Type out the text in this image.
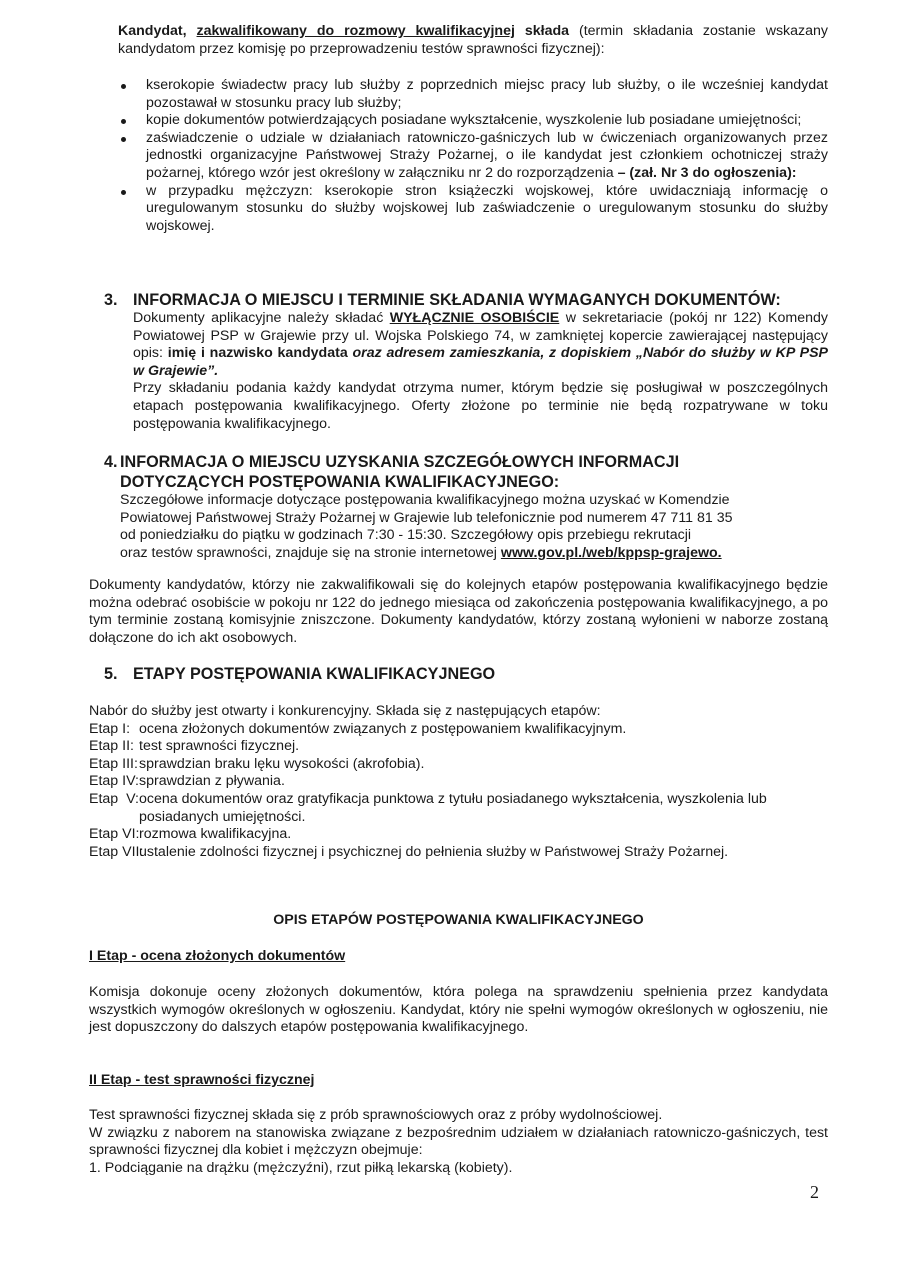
Kandydat, zakwalifikowany do rozmowy kwalifikacyjnej składa (termin składania zostanie wskazany kandydatom przez komisję po przeprowadzeniu testów sprawności fizycznej):
kserokopie świadectw pracy lub służby z poprzednich miejsc pracy lub służby, o ile wcześniej kandydat pozostawał w stosunku pracy lub służby;
kopie dokumentów potwierdzających posiadane wykształcenie, wyszkolenie lub posiadane umiejętności;
zaświadczenie o udziale w działaniach ratowniczo-gaśniczych lub w ćwiczeniach organizowanych przez jednostki organizacyjne Państwowej Straży Pożarnej, o ile kandydat jest członkiem ochotniczej straży pożarnej, którego wzór jest określony w załączniku nr 2 do rozporządzenia – (zał. Nr 3 do ogłoszenia):
w przypadku mężczyzn: kserokopie stron książeczki wojskowej, które uwidaczniają informację o uregulowanym stosunku do służby wojskowej lub zaświadczenie o uregulowanym stosunku do służby wojskowej.
3. INFORMACJA O MIEJSCU I TERMINIE SKŁADANIA WYMAGANYCH DOKUMENTÓW:

Dokumenty aplikacyjne należy składać WYŁĄCZNIE OSOBIŚCIE w sekretariacie (pokój nr 122) Komendy Powiatowej PSP w Grajewie przy ul. Wojska Polskiego 74, w zamkniętej kopercie zawierającej następujący opis: imię i nazwisko kandydata oraz adresem zamieszkania, z dopiskiem „Nabór do służby w KP PSP w Grajewie”.

Przy składaniu podania każdy kandydat otrzyma numer, którym będzie się posługiwał w poszczególnych etapach postępowania kwalifikacyjnego. Oferty złożone po terminie nie będą rozpatrywane w toku postępowania kwalifikacyjnego.

4. INFORMACJA O MIEJSCU UZYSKANIA SZCZEGÓŁOWYCH INFORMACJI
DOTYCZĄCYCH POSTĘPOWANIA KWALIFIKACYJNEGO:
Szczegółowe informacje dotyczące postępowania kwalifikacyjnego można uzyskać w Komendzie
Powiatowej Państwowej Straży Pożarnej w Grajewie lub telefonicznie pod numerem 47 711 81 35
od poniedziałku do piątku w godzinach 7:30 - 15:30. Szczegółowy opis przebiegu rekrutacji
oraz testów sprawności, znajduje się na stronie internetowej www.gov.pl./web/kppsp-grajewo.

Dokumenty kandydatów, którzy nie zakwalifikowali się do kolejnych etapów postępowania kwalifikacyjnego będzie można odebrać osobiście w pokoju nr 122 do jednego miesiąca od zakończenia postępowania kwalifikacyjnego, a po tym terminie zostaną komisyjnie zniszczone. Dokumenty kandydatów, którzy zostaną wyłonieni w naborze zostaną dołączone do ich akt osobowych.

5. ETAPY POSTĘPOWANIA KWALIFIKACYJNEGO
Nabór do służby jest otwarty i konkurencyjny. Składa się z następujących etapów:
Etap I: ocena złożonych dokumentów związanych z postępowaniem kwalifikacyjnym.
Etap II: test sprawności fizycznej.
Etap III: sprawdzian braku lęku wysokości (akrofobia).
Etap IV: sprawdzian z pływania.
Etap  V: ocena dokumentów oraz gratyfikacja punktowa z tytułu posiadanego wykształcenia, wyszkolenia lub posiadanych umiejętności.
Etap VI: rozmowa kwalifikacyjna.
Etap VII:
ustalenie zdolności fizycznej i psychicznej do pełnienia służby w Państwowej Straży Pożarnej.
OPIS ETAPÓW POSTĘPOWANIA KWALIFIKACYJNEGO
I Etap - ocena złożonych dokumentów

Komisja dokonuje oceny złożonych dokumentów, która polega na sprawdzeniu spełnienia przez kandydata wszystkich wymogów określonych w ogłoszeniu. Kandydat, który nie spełni wymogów określonych w ogłoszeniu, nie jest dopuszczony do dalszych etapów postępowania kwalifikacyjnego.

II Etap - test sprawności fizycznej
Test sprawności fizycznej składa się z prób sprawnościowych oraz z próby wydolnościowej.
W związku z naborem na stanowiska związane z bezpośrednim udziałem w działaniach ratowniczo-gaśniczych, test sprawności fizycznej dla kobiet i mężczyzn obejmuje:
1. Podciąganie na drążku (mężczyźni), rzut piłką lekarską (kobiety).
2
